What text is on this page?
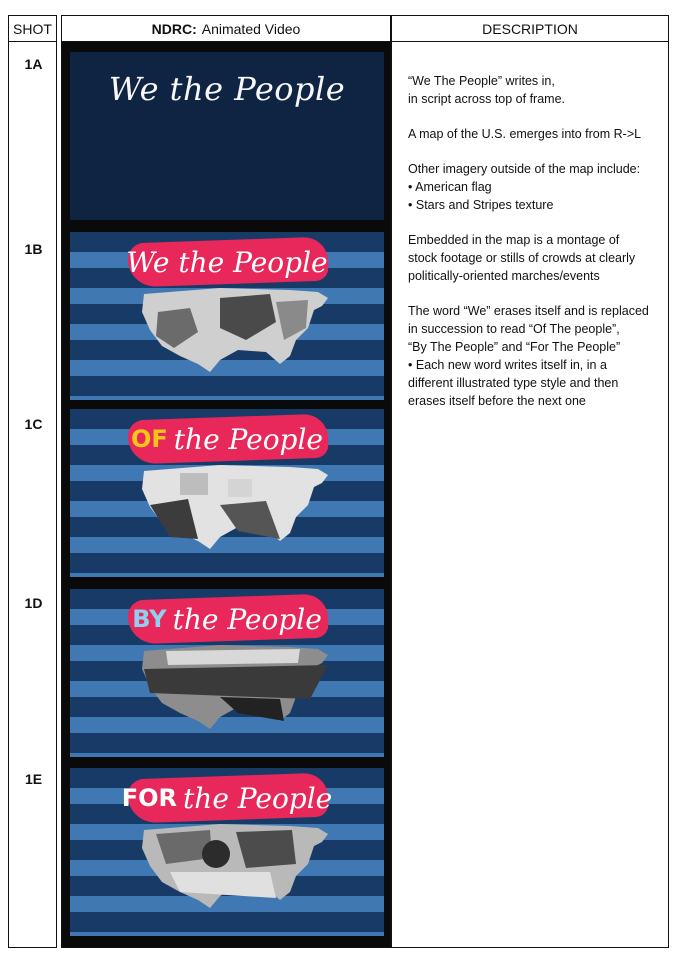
SHOT	NDRC: Animated Video	DESCRIPTION
1A
1B
1C
1D
1E
We the People
We the People
OF the People
BY the People
FOR the People

“We The People” writes in,
in script across top of frame.

A map of the U.S. emerges into from R->L

Other imagery outside of the map include:

• American flag
• Stars and Stripes texture

Embedded in the map is a montage of
stock footage or stills of crowds at clearly
politically-oriented marches/events

The word “We” erases itself and is replaced
in succession to read “Of The people”,
“By The People” and “For The People”

• Each new word writes itself in, in a
different illustrated type style and then
erases itself before the next one
